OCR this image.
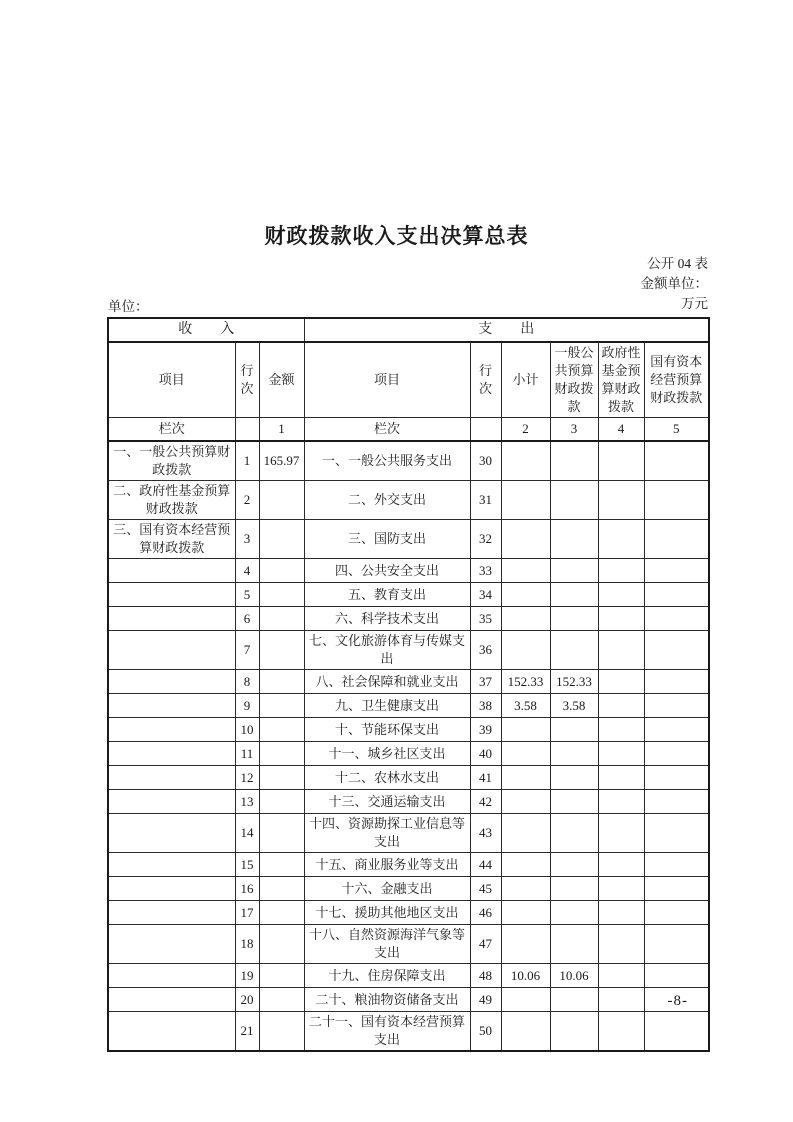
财政拨款收入支出决算总表
公开 04 表
金额单位：
万元
单位：
收　　入			支　　出					
项目	行次	金额	项目	行次	小计	一般公共预算财政拨款	政府性基金预算财政拨款	国有资本经营预算财政拨款
栏次		1	栏次		2	3	4	5
一、一般公共预算财政拨款	1	165.97	一、一般公共服务支出	30				
二、政府性基金预算财政拨款	2		二、外交支出	31				
三、国有资本经营预算财政拨款	3		三、国防支出	32				
	4		四、公共安全支出	33				
	5		五、教育支出	34				
	6		六、科学技术支出	35				
	7		七、文化旅游体育与传媒支出	36				
	8		八、社会保障和就业支出	37	152.33	152.33		
	9		九、卫生健康支出	38	3.58	3.58		
	10		十、节能环保支出	39				
	11		十一、城乡社区支出	40				
	12		十二、农林水支出	41				
	13		十三、交通运输支出	42				
	14		十四、资源勘探工业信息等支出	43				
	15		十五、商业服务业等支出	44				
	16		十六、金融支出	45				
	17		十七、援助其他地区支出	46				
	18		十八、自然资源海洋气象等支出	47				
	19		十九、住房保障支出	48	10.06	10.06		
	20		二十、粮油物资储备支出	49				
	21		二十一、国有资本经营预算支出	50				
-8-
